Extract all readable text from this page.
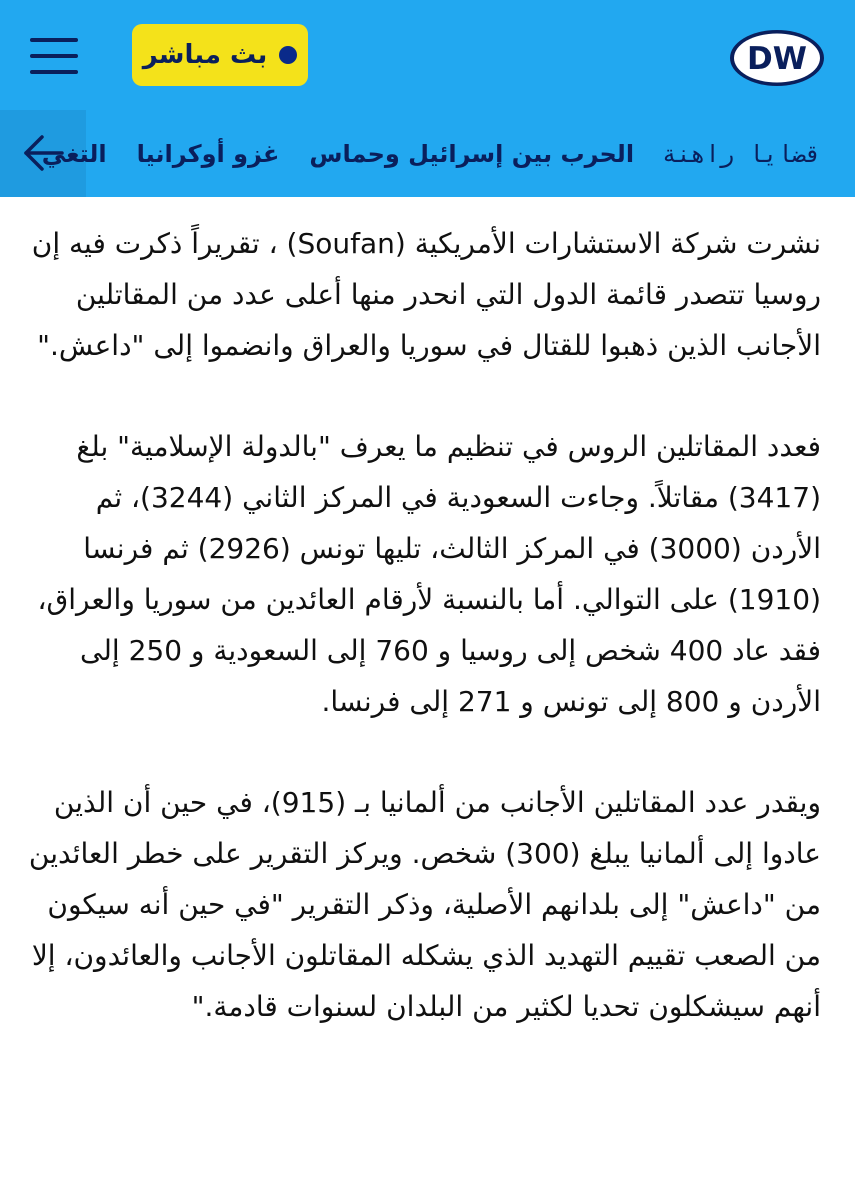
بث مباشر	DW
قضايا راهنة
الحرب بين إسرائيل وحماس
غزو أوكرانيا
التغي

نشرت شركة الاستشارات الأمريكية (Soufan) ، تقريراً ذكرت فيه إن روسيا تتصدر قائمة الدول التي انحدر منها أعلى عدد من المقاتلين الأجانب الذين ذهبوا للقتال في سوريا والعراق وانضموا إلى "داعش."

فعدد المقاتلين الروس في تنظيم ما يعرف "بالدولة الإسلامية" بلغ (3417) مقاتلاً. وجاءت السعودية في المركز الثاني (3244)، ثم الأردن (3000) في المركز الثالث، تليها تونس (2926) ثم فرنسا (1910) على التوالي. أما بالنسبة لأرقام العائدين من سوريا والعراق، فقد عاد 400 شخص إلى روسيا و 760 إلى السعودية و 250 إلى الأردن و 800 إلى تونس و 271 إلى فرنسا.

ويقدر عدد المقاتلين الأجانب من ألمانيا بـ (915)، في حين أن الذين عادوا إلى ألمانيا يبلغ (300) شخص. ويركز التقرير على خطر العائدين من "داعش" إلى بلدانهم الأصلية، وذكر التقرير "في حين أنه سيكون من الصعب تقييم التهديد الذي يشكله المقاتلون الأجانب والعائدون، إلا أنهم سيشكلون تحديا لكثير من البلدان لسنوات قادمة."
